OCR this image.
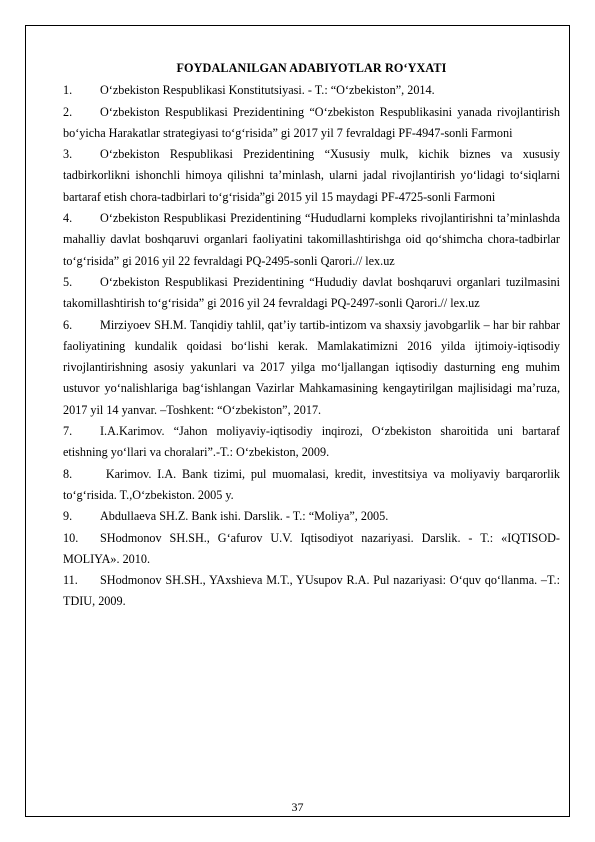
FOYDALANILGAN ADABIYOTLAR RO‘YXATI

1. O‘zbekiston Respublikasi Konstitutsiyasi. - T.: “O‘zbekiston”, 2014.

2. O‘zbekiston Respublikasi Prezidentining “O‘zbekiston Respublikasini yanada rivojlantirish bo‘yicha Harakatlar strategiyasi to‘g‘risida” gi 2017 yil 7 fevraldagi PF-4947-sonli Farmoni

3. O‘zbekiston Respublikasi Prezidentining “Xususiy mulk, kichik biznes va xususiy tadbirkorlikni ishonchli himoya qilishni ta’minlash, ularni jadal rivojlantirish yo‘lidagi to‘siqlarni bartaraf etish chora-tadbirlari to‘g‘risida”gi 2015 yil 15 maydagi PF-4725-sonli Farmoni

4. O‘zbekiston Respublikasi Prezidentining “Hududlarni kompleks rivojlantirishni ta’minlashda mahalliy davlat boshqaruvi organlari faoliyatini takomillashtirishga oid qo‘shimcha chora-tadbirlar to‘g‘risida” gi 2016 yil 22 fevraldagi PQ-2495-sonli Qarori.// lex.uz

5. O‘zbekiston Respublikasi Prezidentining “Hududiy davlat boshqaruvi organlari tuzilmasini takomillashtirish to‘g‘risida” gi 2016 yil 24 fevraldagi PQ-2497-sonli Qarori.// lex.uz

6. Mirziyoev SH.M. Tanqidiy tahlil, qat’iy tartib-intizom va shaxsiy javobgarlik – har bir rahbar faoliyatining kundalik qoidasi bo‘lishi kerak. Mamlakatimizni 2016 yilda ijtimoiy-iqtisodiy rivojlantirishning asosiy yakunlari va 2017 yilga mo‘ljallangan iqtisodiy dasturning eng muhim ustuvor yo‘nalishlariga bag‘ishlangan Vazirlar Mahkamasining kengaytirilgan majlisidagi ma’ruza, 2017 yil 14 yanvar. –Toshkent: “O‘zbekiston”, 2017.

7. I.A.Karimov. “Jahon moliyaviy-iqtisodiy inqirozi, O‘zbekiston sharoitida uni bartaraf etishning yo‘llari va choralari”.-T.: O‘zbekiston, 2009.

8. Karimov. I.A. Bank tizimi, pul muomalasi, kredit, investitsiya va moliyaviy barqarorlik to‘g‘risida. T.,O‘zbekiston. 2005 y.

9. Abdullaeva SH.Z. Bank ishi. Darslik. - T.: “Moliya”, 2005.

10. SHodmonov SH.SH., G‘afurov U.V. Iqtisodiyot nazariyasi. Darslik. - T.: «IQTISOD-MOLIYA». 2010.

11. SHodmonov SH.SH., YAxshieva M.T., YUsupov R.A. Pul nazariyasi: O‘quv qo‘llanma. –T.: TDIU, 2009.

37
